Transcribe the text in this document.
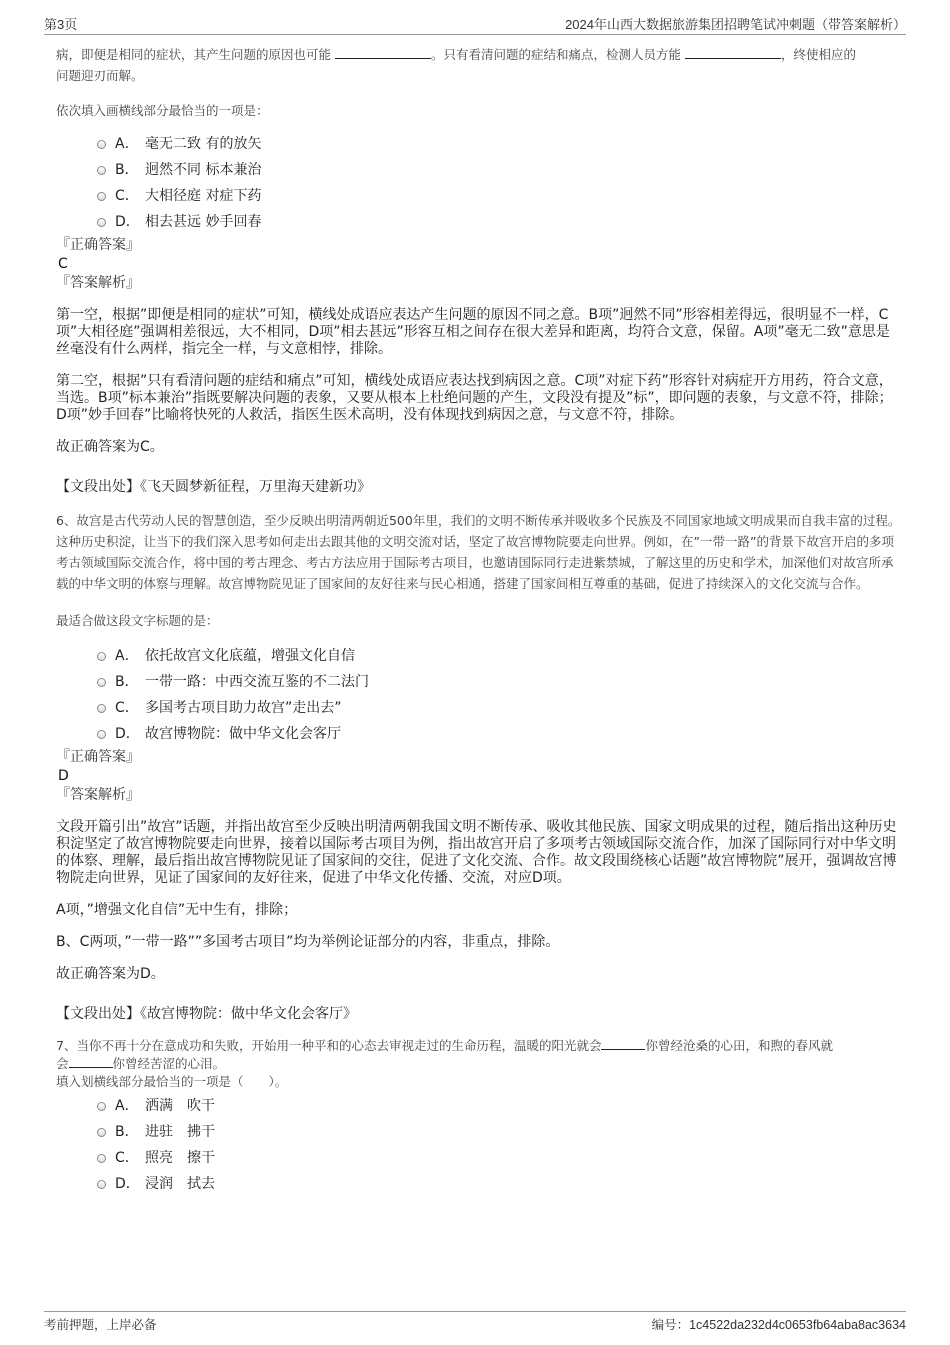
第3页	2024年山西大数据旅游集团招聘笔试冲刺题（带答案解析）

病，即便是相同的症状，其产生问题的原因也可能	。只有看清问题的症结和痛点，检测人员方能	，终使相应的
问题迎刃而解。

依次填入画横线部分最恰当的一项是：

A． 毫无二致 有的放矢
B． 迥然不同 标本兼治
C． 大相径庭 对症下药
D． 相去甚远 妙手回春

『正确答案』

C

『答案解析』

第一空，根据”即便是相同的症状”可知，横线处成语应表达产生问题的原因不同之意。B项”迥然不同”形容相差得远，很明显不一样，C项”大相径庭”强调相差很远，大不相同，D项”相去甚远”形容互相之间存在很大差异和距离，均符合文意，保留。A项”毫无二致”意思是丝毫没有什么两样，指完全一样，与文意相悖，排除。

第二空，根据”只有看清问题的症结和痛点”可知，横线处成语应表达找到病因之意。C项”对症下药”形容针对病症开方用药，符合文意，当选。B项”标本兼治”指既要解决问题的表象，又要从根本上杜绝问题的产生，文段没有提及”标”，即问题的表象，与文意不符，排除；D项”妙手回春”比喻将快死的人救活，指医生医术高明，没有体现找到病因之意，与文意不符，排除。

故正确答案为C。

【文段出处】《飞天圆梦新征程，万里海天建新功》

6、故宫是古代劳动人民的智慧创造，至少反映出明清两朝近500年里，我们的文明不断传承并吸收多个民族及不同国家地域文明成果而自我丰富的过程。这种历史积淀，让当下的我们深入思考如何走出去跟其他的文明交流对话，坚定了故宫博物院要走向世界。例如，在”一带一路”的背景下故宫开启的多项考古领域国际交流合作，将中国的考古理念、考古方法应用于国际考古项目，也邀请国际同行走进紫禁城，了解这里的历史和学术，加深他们对故宫所承载的中华文明的体察与理解。故宫博物院见证了国家间的友好往来与民心相通，搭建了国家间相互尊重的基础，促进了持续深入的文化交流与合作。

最适合做这段文字标题的是：

A． 依托故宫文化底蕴，增强文化自信
B． 一带一路：中西交流互鉴的不二法门
C． 多国考古项目助力故宫”走出去”
D． 故宫博物院：做中华文化会客厅

『正确答案』

D

『答案解析』

文段开篇引出”故宫”话题，并指出故宫至少反映出明清两朝我国文明不断传承、吸收其他民族、国家文明成果的过程，随后指出这种历史积淀坚定了故宫博物院要走向世界，接着以国际考古项目为例，指出故宫开启了多项考古领域国际交流合作，加深了国际同行对中华文明的体察、理解，最后指出故宫博物院见证了国家间的交往，促进了文化交流、合作。故文段围绕核心话题”故宫博物院”展开，强调故宫博物院走向世界，见证了国家间的友好往来，促进了中华文化传播、交流，对应D项。

A项，”增强文化自信”无中生有，排除；

B、C两项，”一带一路””多国考古项目”均为举例论证部分的内容，非重点，排除。

故正确答案为D。

【文段出处】《故宫博物院：做中华文化会客厅》

7、当你不再十分在意成功和失败，开始用一种平和的心态去审视走过的生命历程，温暖的阳光就会	你曾经沧桑的心田，和煦的春风就
会	你曾经苦涩的心泪。

填入划横线部分最恰当的一项是（　　）。

A． 洒满　吹干
B． 进驻　拂干
C． 照亮　擦干
D． 浸润　拭去
考前押题，上岸必备	编号：1c4522da232d4c0653fb64aba8ac3634
